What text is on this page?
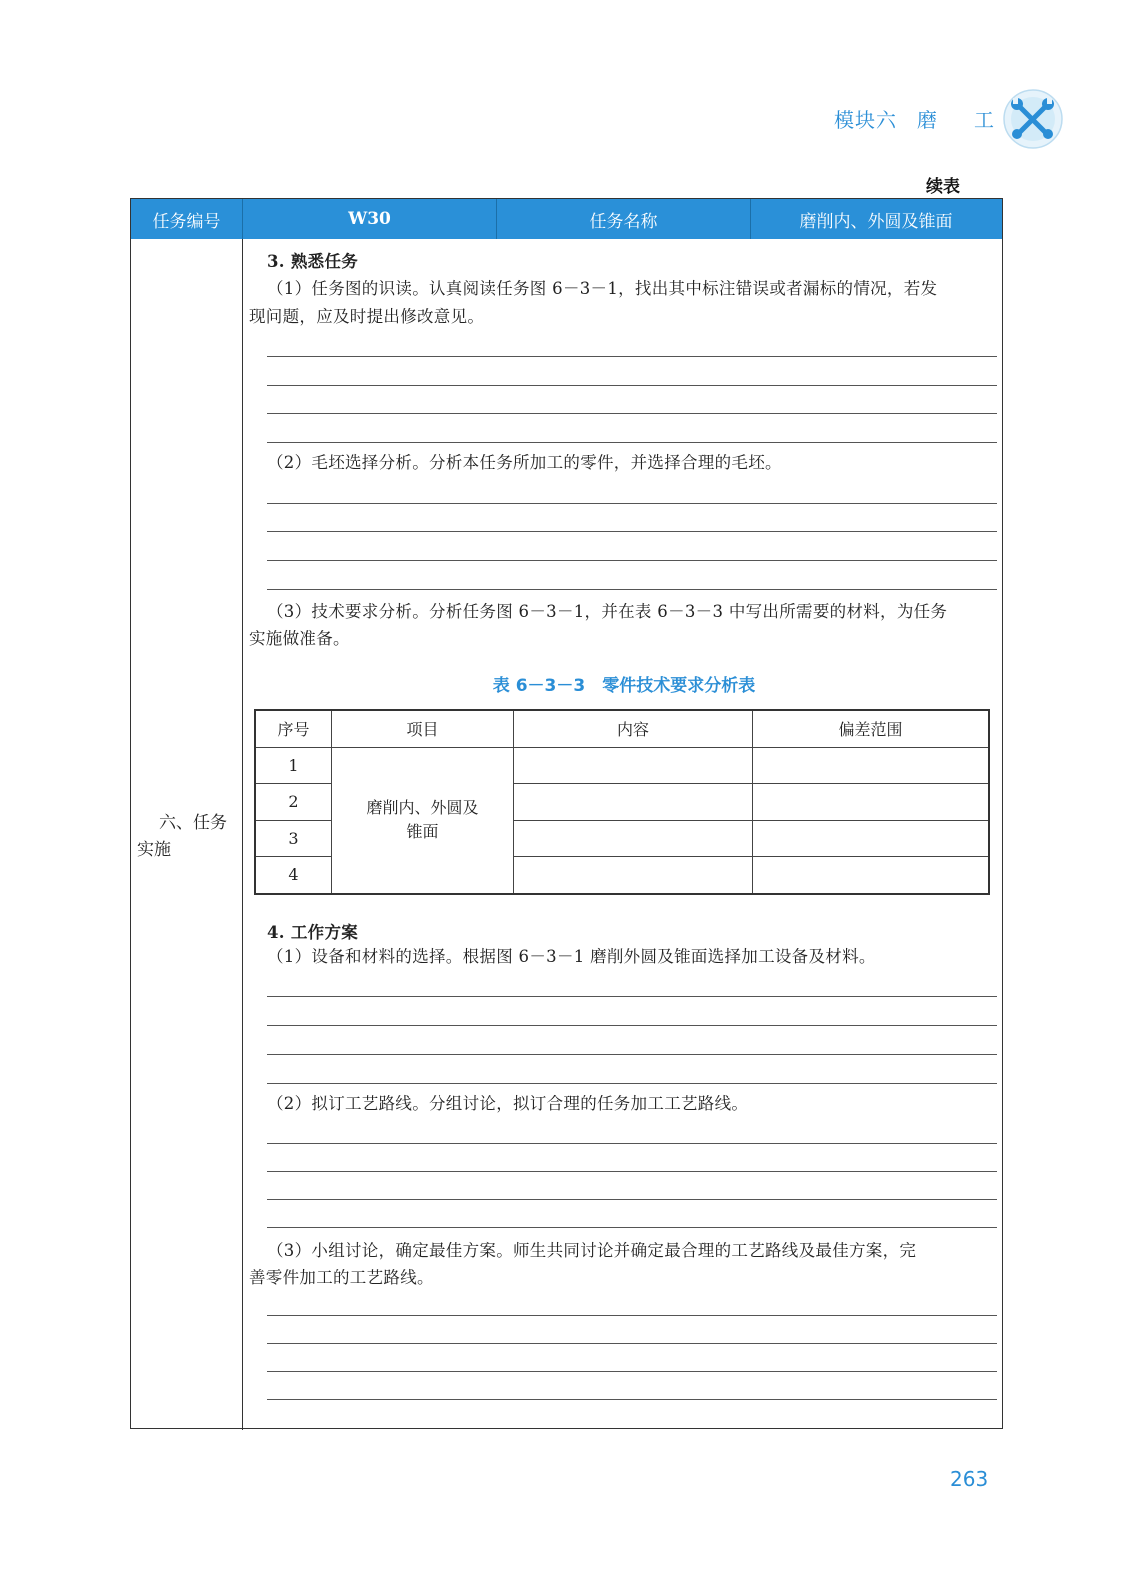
模块六 磨 工
续表
任务编号	W30	任务名称	磨削内、外圆及锥面
六、任务
实施
3. 熟悉任务
（1）任务图的识读。认真阅读任务图 6－3－1，找出其中标注错误或者漏标的情况，若发
现问题，应及时提出修改意见。
（2）毛坯选择分析。分析本任务所加工的零件，并选择合理的毛坯。
（3）技术要求分析。分析任务图 6－3－1，并在表 6－3－3 中写出所需要的材料，为任务
实施做准备。
表 6－3－3　零件技术要求分析表
序号	项目	内容	偏差范围
1	磨削内、外圆及
锥面		

2			
3			
4			
4. 工作方案
（1）设备和材料的选择。根据图 6－3－1 磨削外圆及锥面选择加工设备及材料。
（2）拟订工艺路线。分组讨论，拟订合理的任务加工工艺路线。
（3）小组讨论，确定最佳方案。师生共同讨论并确定最合理的工艺路线及最佳方案，完
善零件加工的工艺路线。
263
